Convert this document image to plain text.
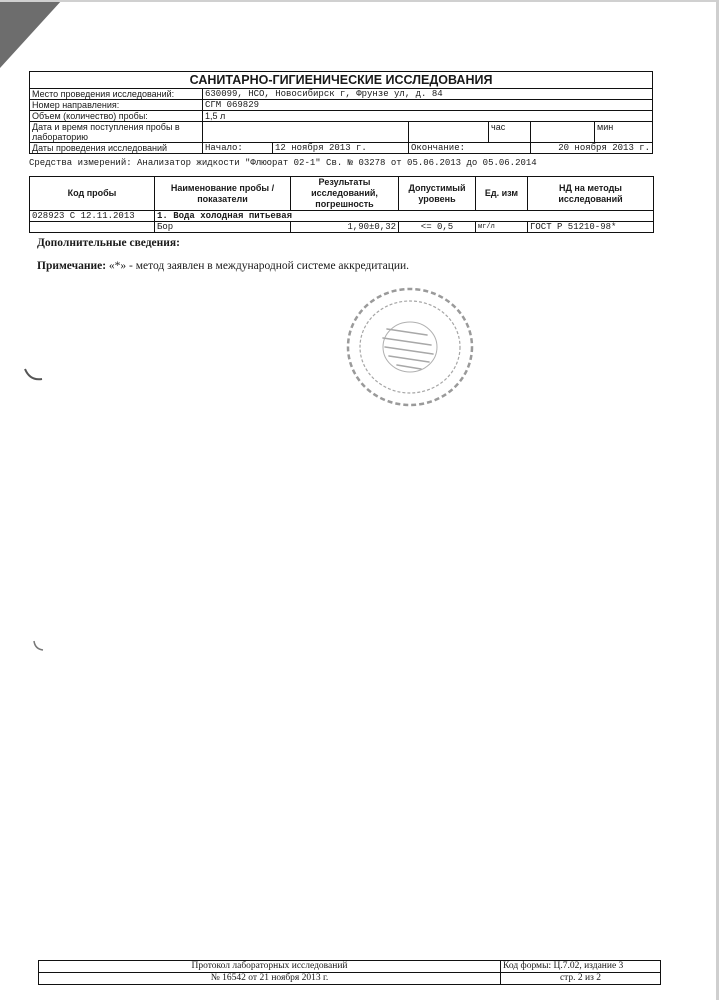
САНИТАРНО-ГИГИЕНИЧЕСКИЕ ИССЛЕДОВАНИЯ						
Место проведения исследований:	630099, НСО, Новосибирск г, Фрунзе ул, д. 84					
Номер направления:	СГМ 069829					
Объем (количество) пробы:	1,5 л					
Дата и время поступления пробы в лабораторию				час		мин
Даты проведения исследований	Начало:	12 ноября 2013 г.	Окончание:		20 ноября 2013 г.	
Средства измерений: Анализатор жидкости "Флюорат 02-1" Св. № 03278 от 05.06.2013 до 05.06.2014
Код пробы	Наименование пробы / показатели	Результаты исследований, погрешность	Допустимый уровень	Ед. изм	НД на методы исследований
028923 С 12.11.2013	1. Вода холодная питьевая				
	Бор	1,90±0,32	<= 0,5	мг/л	ГОСТ Р 51210-98*
Дополнительные сведения:
Примечание: «*» - метод заявлен в международной системе аккредитации.
Протокол лабораторных исследований	Код формы: Ц.7.02, издание 3
№ 16542 от 21 ноября 2013 г.	стр. 2 из 2
